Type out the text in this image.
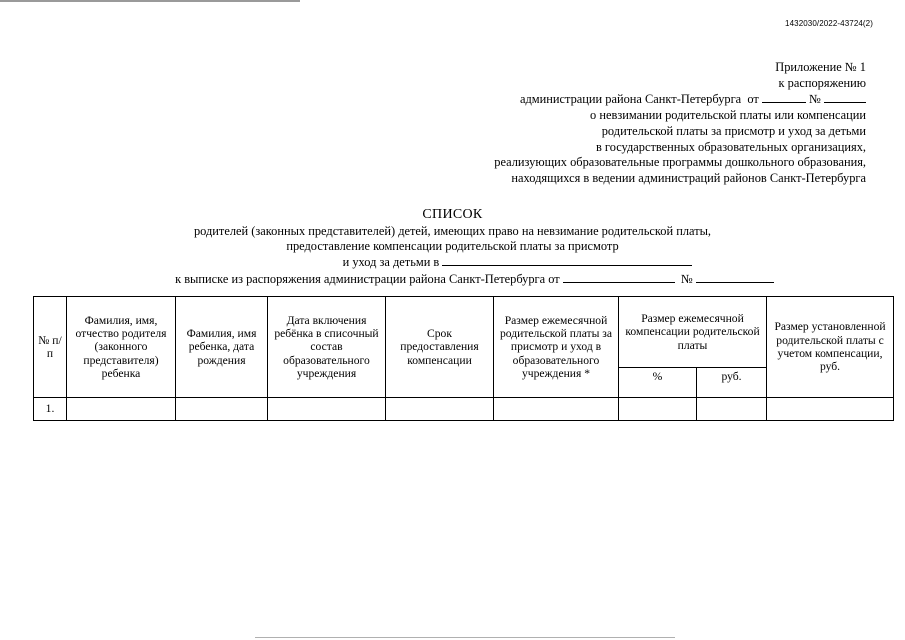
1432030/2022-43724(2)
Приложение № 1
к распоряжению
администрации района Санкт-Петербурга от	№
о невзимании родительской платы или компенсации
родительской платы за присмотр и уход за детьми
в государственных образовательных организациях,
реализующих образовательные программы дошкольного образования,
находящихся в ведении администраций районов Санкт-Петербурга
СПИСОК
родителей (законных представителей) детей, имеющих право на невзимание родительской платы,
предоставление компенсации родительской платы за присмотр
и уход за детьми в
к выписке из распоряжения администрации района Санкт-Петербурга от	№
№ п/п	Фамилия, имя, отчество родителя (законного представителя) ребенка	Фамилия, имя ребенка, дата рождения	Дата включения ребёнка в списочный состав образовательного учреждения	Срок предоставления компенсации	Размер ежемесячной родительской платы за присмотр и уход в образовательного учреждения *	Размер ежемесячной компенсации родительской платы		Размер установленной родительской платы с учетом компенсации, руб.

						%	руб.	
1.								
